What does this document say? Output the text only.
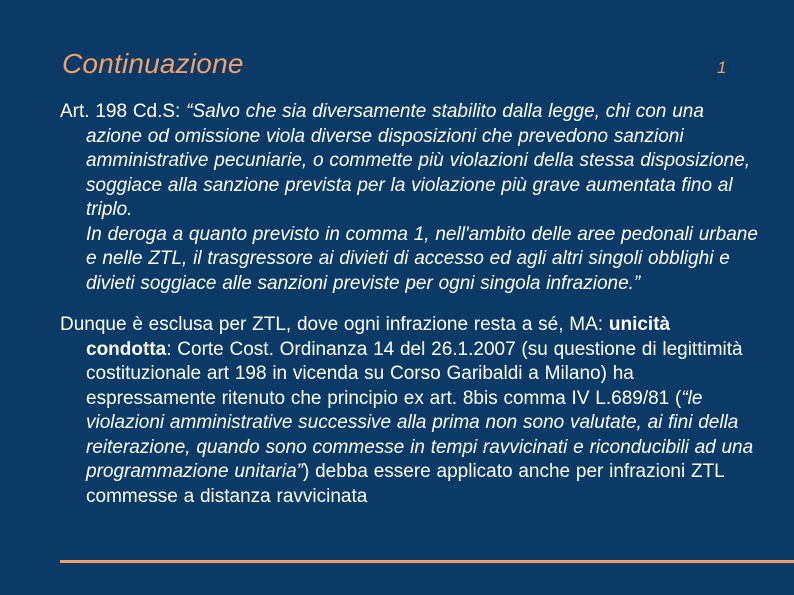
Continuazione	1

Art. 198 Cd.S: “Salvo che sia diversamente stabilito dalla legge, chi con una azione od omissione viola diverse disposizioni che prevedono sanzioni amministrative pecuniarie, o commette più violazioni della stessa disposizione, soggiace alla sanzione prevista per la violazione più grave aumentata fino al triplo.
In deroga a quanto previsto in comma 1, nell'ambito delle aree pedonali urbane e nelle ZTL, il trasgressore ai divieti di accesso ed agli altri singoli obblighi e divieti soggiace alle sanzioni previste per ogni singola infrazione.”

Dunque è esclusa per ZTL, dove ogni infrazione resta a sé, MA: unicità condotta: Corte Cost. Ordinanza 14 del 26.1.2007 (su questione di legittimità costituzionale art 198 in vicenda su Corso Garibaldi a Milano) ha espressamente ritenuto che principio ex art. 8bis comma IV L.689/81 (“le violazioni amministrative successive alla prima non sono valutate, ai fini della reiterazione, quando sono commesse in tempi ravvicinati e riconducibili ad una programmazione unitaria”) debba essere applicato anche per infrazioni ZTL commesse a distanza ravvicinata
